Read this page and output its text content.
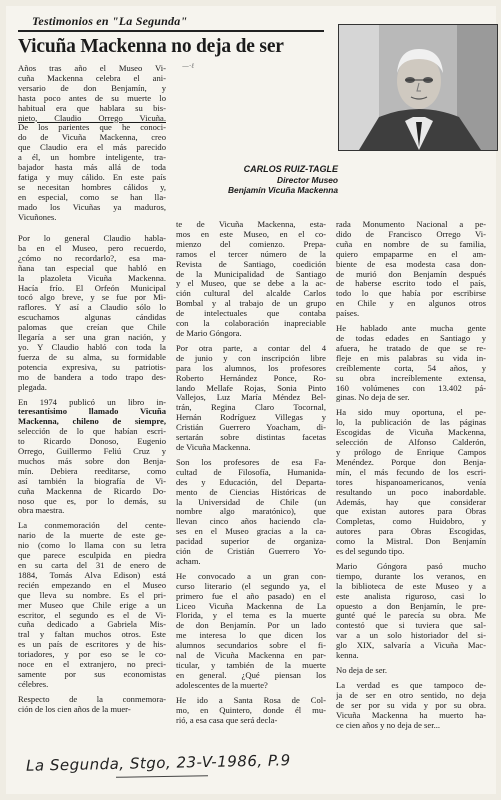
Testimonios en "La Segunda"
Vicuña Mackenna no deja de ser
—·ℓ
CARLOS RUIZ-TAGLE
Director Museo
Benjamín Vicuña Mackenna
Años tras año el Museo Vi-
cuña Mackenna celebra el ani-
versario de don Benjamín, y
hasta poco antes de su muerte lo
habitual era que hablara su bis-
nieto, Claudio Orrego Vicuña.
De los parientes que he conoci-
do de Vicuña Mackenna, creo
que Claudio era el más parecido
a él, un hombre inteligente, tra-
bajador hasta más allá de toda
fatiga y muy cálido. En este país
se necesitan hombres cálidos y,
en especial, como se han lla-
mado los Vicuñas ya maduros,
Vicuñones.
Por lo general Claudio habla-
ba en el Museo, pero recuerdo,
¿cómo no recordarlo?, esa ma-
ñana tan especial que habló en
la plazoleta Vicuña Mackenna.
Hacía frío. El Orfeón Municipal
tocó algo breve, y se fue por Mi-
raflores. Y así a Claudio sólo lo
escuchamos algunas cándidas
palomas que creían que Chile
llegaría a ser una gran nación, y
yo. Y Claudio habló con toda la
fuerza de su alma, su formidable
potencia expresiva, su patriotis-
mo de bandera a todo trapo des-
plegada.
En 1974 publicó un libro in-
teresantísimo llamado Vicuña
Mackenna, chileno de siempre,
selección de lo que habían escri-
to Ricardo Donoso, Eugenio
Orrego, Guillermo Feliú Cruz y
muchos más sobre don Benja-
mín. Debiera reeditarse, como
así también la biografía de Vi-
cuña Mackenna de Ricardo Do-
noso que es, por lo demás, su
obra maestra.
La conmemoración del cente-
nario de la muerte de este ge-
nio (como lo llama con su letra
que parece esculpida en piedra
en su carta del 31 de enero de
1884, Tomás Alva Edison) está
recién empezando en el Museo
que lleva su nombre. Es el pri-
mer Museo que Chile erige a un
escritor, el segundo es el de Vi-
cuña dedicado a Gabriela Mis-
tral y faltan muchos otros. Este
es un país de escritores y de his-
toriadores, y por eso se le co-
noce en el extranjero, no preci-
samente por sus economistas
célebres.
Respecto de la conmemora-
ción de los cien años de la muer-
te de Vicuña Mackenna, esta-
mos en este Museo, en el co-
mienzo del comienzo. Prepa-
ramos el tercer número de la
Revista de Santiago, coedición
de la Municipalidad de Santiago
y el Museo, que se debe a la ac-
ción cultural del alcalde Carlos
Bombal y al trabajo de un grupo
de intelectuales que contaba
con la colaboración inapreciable
de Mario Góngora.
Por otra parte, a contar del 4
de junio y con inscripción libre
para los alumnos, los profesores
Roberto Hernández Ponce, Ro-
lando Mellafe Rojas, Sonia Pinto
Vallejos, Luz María Méndez Bel-
trán, Regina Claro Tocornal,
Hernán Rodríguez Villegas y
Cristián Guerrero Yoacham, di-
sertarán sobre distintas facetas
de Vicuña Mackenna.
Son los profesores de esa Fa-
cultad de Filosofía, Humanida-
des y Educación, del Departa-
mento de Ciencias Históricas de
la Universidad de Chile (un
nombre algo maratónico), que
llevan cinco años haciendo cla-
ses en el Museo gracias a la ca-
pacidad superior de organiza-
ción de Cristián Guerrero Yo-
acham.
He convocado a un gran con-
curso literario (el segundo ya, el
primero fue el año pasado) en el
Liceo Vicuña Mackenna de La
Florida, y el tema es la muerte
de don Benjamín. Por un lado
me interesa lo que dicen los
alumnos secundarios sobre el fi-
nal de Vicuña Mackenna en par-
ticular, y también de la muerte
en general. ¿Qué piensan los
adolescentes de la muerte?
He ido a Santa Rosa de Col-
mo, en Quintero, donde él mu-
rió, a esa casa que será decla-
rada Monumento Nacional a pe-
dido de Francisco Orrego Vi-
cuña en nombre de su familia,
quiero empaparme en el am-
biente de esa modesta casa don-
de murió don Benjamín después
de haberse escrito todo el país,
todo lo que había por escribirse
en Chile y en algunos otros
países.
He hablado ante mucha gente
de todas edades en Santiago y
afuera, he tratado de que se re-
fleje en mis palabras su vida in-
creíblemente corta, 54 años, y
su obra increíblemente extensa,
160 volúmenes con 13.402 pá-
ginas. No deja de ser.
Ha sido muy oportuna, el pe-
lo, la publicación de las páginas
Escogidas de Vicuña Mackenna,
selección de Alfonso Calderón,
y prólogo de Enrique Campos
Menéndez. Porque don Benja-
mín, el más fecundo de los escri-
tores hispanoamericanos, venía
resultando un poco inabordable.
Además, hay que considerar
que existan autores para Obras
Completas, como Huidobro, y
autores para Obras Escogidas,
como la Mistral. Don Benjamín
es del segundo tipo.
Mario Góngora pasó mucho
tiempo, durante los veranos, en
la biblioteca de este Museo y a
este analista riguroso, casi lo
opuesto a don Benjamín, le pre-
gunté qué le parecía su obra. Me
contestó que si tuviera que sal-
var a un solo historiador del si-
glo XIX, salvaría a Vicuña Mac-
kenna.
No deja de ser.
La verdad es que tampoco de-
ja de ser en otro sentido, no deja
de ser por su vida y por su obra.
Vicuña Mackenna ha muerto ha-
ce cien años y no deja de ser...
La Segunda, Stgo, 23-V-1986, P.9
